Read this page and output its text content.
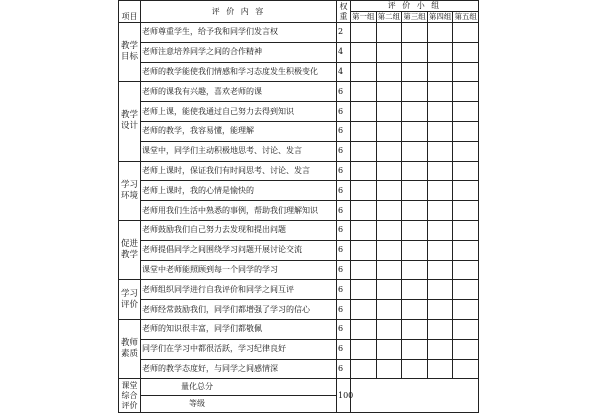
项目	评 价 内 容	权重	评 价 小 组				
			第一组	第二组	第三组	第四组	第五组
教学目标	老师尊重学生，给予我和同学们发言权	2					
	老师注意培养同学之间的合作精神	4					
	老师的教学能使我们情感和学习态度发生积极变化	4					
教学设计	老师的课我有兴趣，喜欢老师的课	6					
	老师上课，能使我通过自己努力去得到知识	6					
	老师的教学，我容易懂，能理解	6					
	课堂中，同学们主动积极地思考、讨论、发言	6					
学习环境	老师上课时，保证我们有时间思考、讨论、发言	6					
	老师上课时，我的心情是愉快的	6					
	老师用我们生活中熟悉的事例，帮助我们理解知识	6					
促进教学	老师鼓励我们自己努力去发现和提出问题	6					
	老师提倡同学之间围绕学习问题开展讨论交流	6					
	课堂中老师能照顾到每一个同学的学习	6					
学习评价	老师组织同学进行自我评价和同学之间互评	6					
	老师经常鼓励我们，同学们都增强了学习的信心	6					
教师素质	老师的知识很丰富，同学们都敬佩	6					
	同学们在学习中都很活跃，学习纪律良好	6					
	老师的教学态度好，与同学之间感情深	6					
课堂综合评价	量化总分	100					
	等级						
